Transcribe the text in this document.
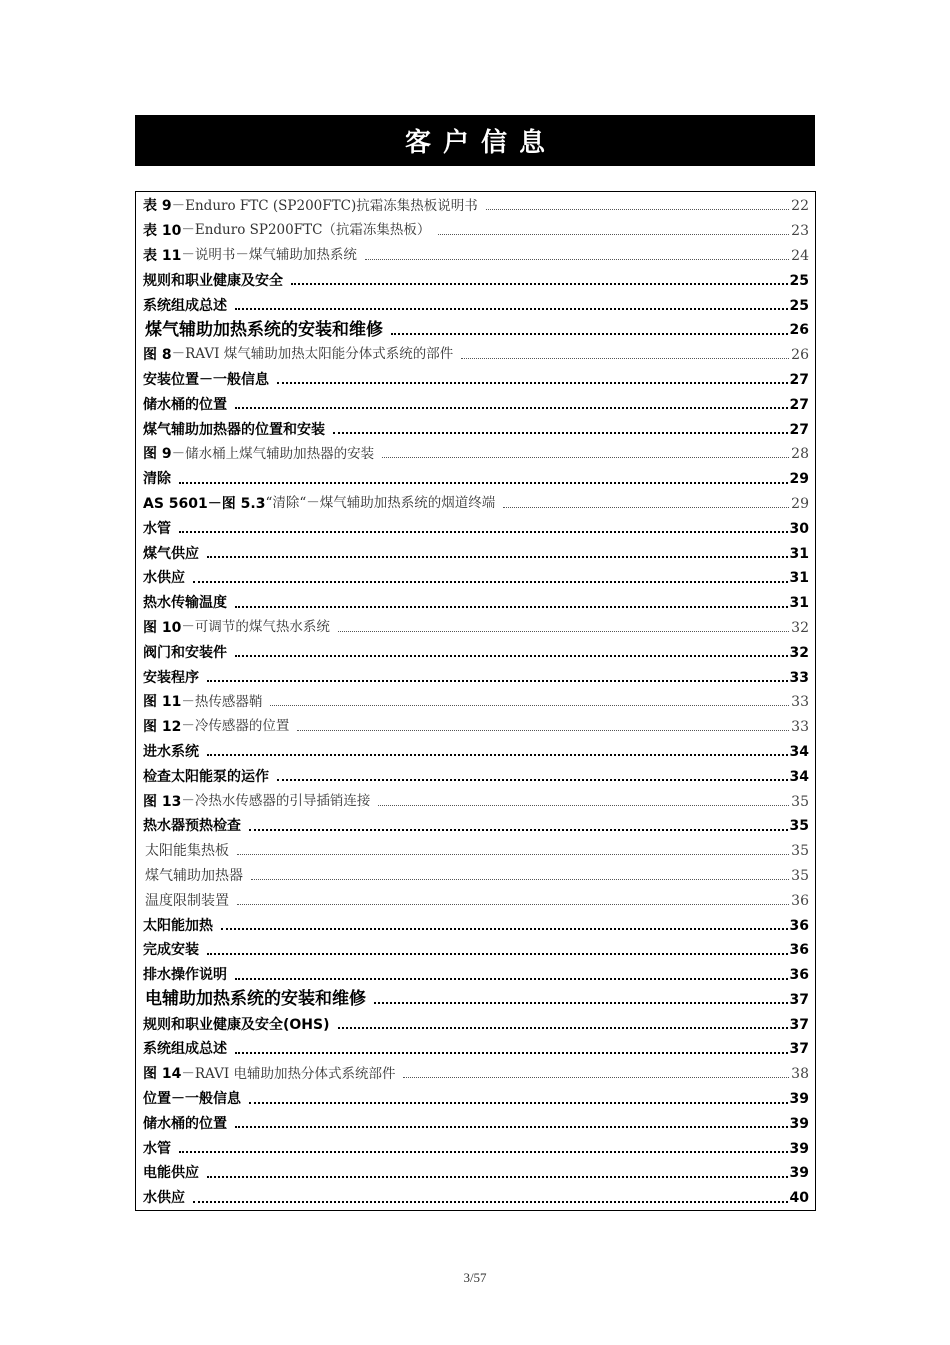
客户信息
表 9 －Enduro FTC (SP200FTC)抗霜冻集热板说明书	22
表 10 －Enduro SP200FTC（抗霜冻集热板）	23
表 11 －说明书－煤气辅助加热系统	24
规则和职业健康及安全	25
系统组成总述	25
煤气辅助加热系统的安装和维修	26
图 8 －RAVI 煤气辅助加热太阳能分体式系统的部件	26
安装位置－一般信息	27
储水桶的位置	27
煤气辅助加热器的位置和安装	27
图 9 －储水桶上煤气辅助加热器的安装	28
清除	29
AS 5601－图 5.3 “清除“－煤气辅助加热系统的烟道终端	29
水管	30
煤气供应	31
水供应	31
热水传输温度	31
图 10 －可调节的煤气热水系统	32
阀门和安装件	32
安装程序	33
图 11 －热传感器鞘	33
图 12 －冷传感器的位置	33
进水系统	34
检查太阳能泵的运作	34
图 13 －冷热水传感器的引导插销连接	35
热水器预热检查	35
太阳能集热板	35
煤气辅助加热器	35
温度限制装置	36
太阳能加热	36
完成安装	36
排水操作说明	36
电辅助加热系统的安装和维修	37
规则和职业健康及安全(OHS)	37
系统组成总述	37
图 14 －RAVI 电辅助加热分体式系统部件	38
位置－一般信息	39
储水桶的位置	39
水管	39
电能供应	39
水供应	40
3/57
